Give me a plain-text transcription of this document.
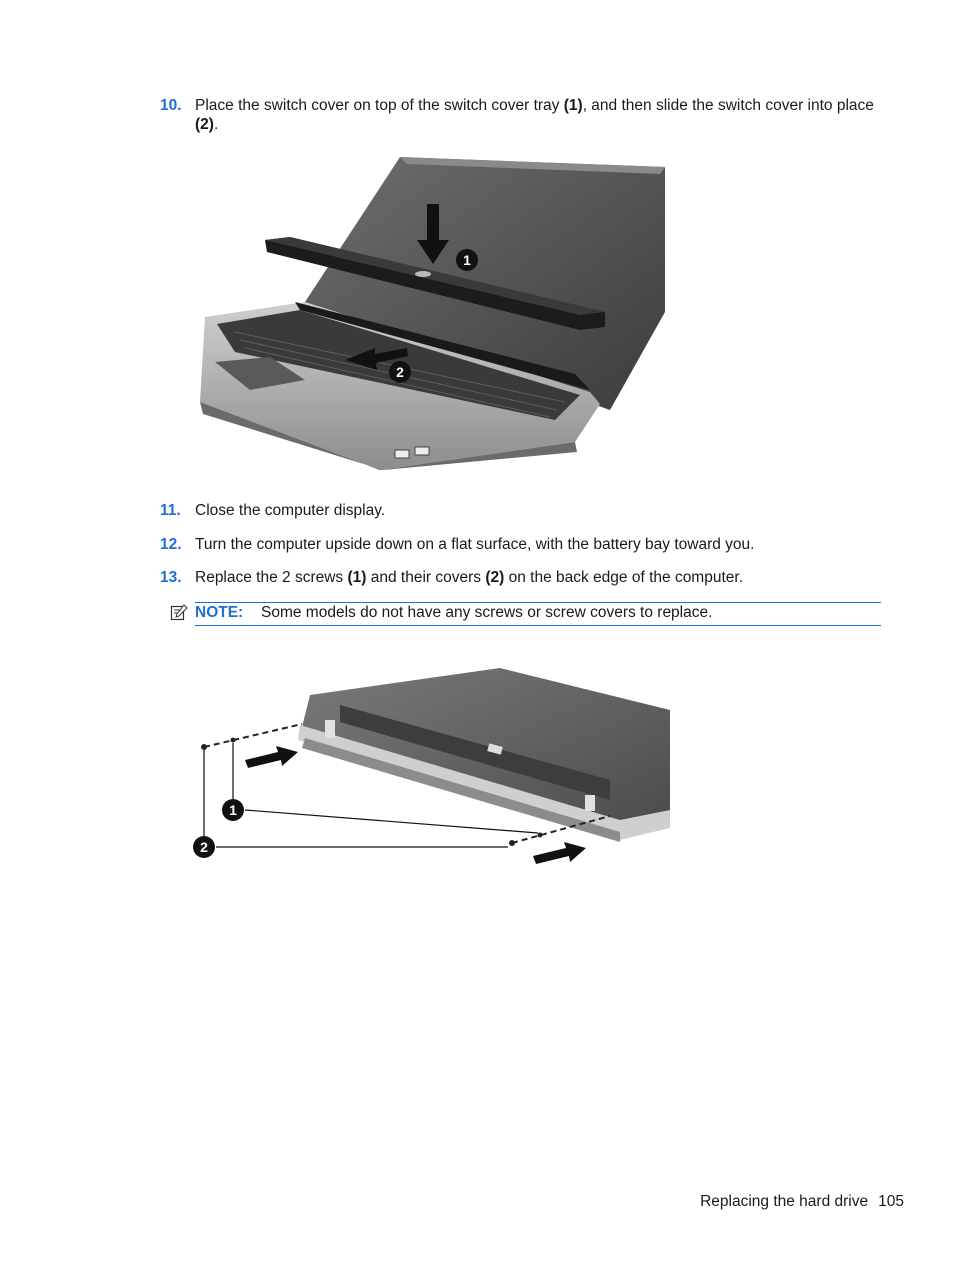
10. Place the switch cover on top of the switch cover tray (1), and then slide the switch cover into place (2).
1
2
11. Close the computer display.
12. Turn the computer upside down on a flat surface, with the battery bay toward you.
13. Replace the 2 screws (1) and their covers (2) on the back edge of the computer.
NOTE: Some models do not have any screws or screw covers to replace.
1
2
Replacing the hard drive 105
